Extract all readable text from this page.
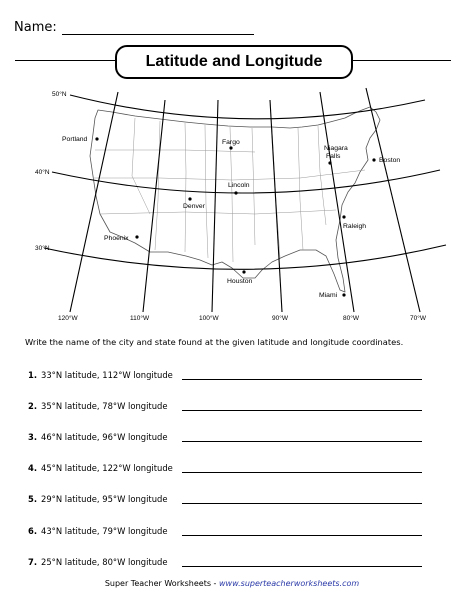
Name:
Latitude and Longitude
50°N
40°N
30°N
120°W	110°W	100°W	90°W	80°W	70°W
Portland	Fargo
Niagara
Falls
Boston
Lincoln
Denver
Raleigh
Phoenix
Houston
Miami
Write the name of the city and state found at the given latitude and longitude coordinates.
1. 33°N latitude, 112°W longitude
2. 35°N latitude, 78°W longitude
3. 46°N latitude, 96°W longitude
4. 45°N latitude, 122°W longitude
5. 29°N latitude, 95°W longitude
6. 43°N latitude, 79°W longitude
7. 25°N latitude, 80°W longitude
Super Teacher Worksheets - www.superteacherworksheets.com
